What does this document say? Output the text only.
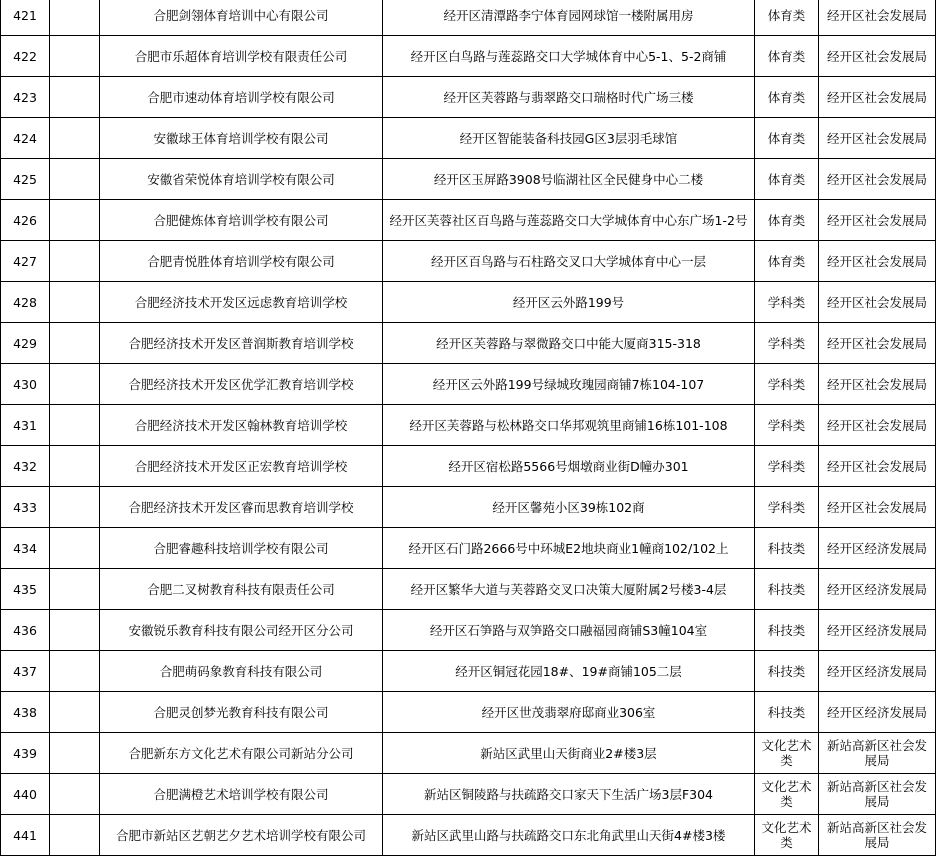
421		合肥剑翎体育培训中心有限公司	经开区清潭路李宁体育园网球馆一楼附属用房	体育类	经开区社会发展局
422		合肥市乐超体育培训学校有限责任公司	经开区白鸟路与莲蕊路交口大学城体育中心5-1、5-2商铺	体育类	经开区社会发展局
423		合肥市速动体育培训学校有限公司	经开区芙蓉路与翡翠路交口瑞格时代广场三楼	体育类	经开区社会发展局
424		安徽球王体育培训学校有限公司	经开区智能装备科技园G区3层羽毛球馆	体育类	经开区社会发展局
425		安徽省荣悦体育培训学校有限公司	经开区玉屏路3908号临湖社区全民健身中心二楼	体育类	经开区社会发展局
426		合肥健炼体育培训学校有限公司	经开区芙蓉社区百鸟路与莲蕊路交口大学城体育中心东广场1-2号	体育类	经开区社会发展局
427		合肥青悦胜体育培训学校有限公司	经开区百鸟路与石柱路交叉口大学城体育中心一层	体育类	经开区社会发展局
428		合肥经济技术开发区远虑教育培训学校	经开区云外路199号	学科类	经开区社会发展局
429		合肥经济技术开发区普润斯教育培训学校	经开区芙蓉路与翠微路交口中能大厦商315-318	学科类	经开区社会发展局
430		合肥经济技术开发区优学汇教育培训学校	经开区云外路199号绿城玫瑰园商铺7栋104-107	学科类	经开区社会发展局
431		合肥经济技术开发区翰林教育培训学校	经开区芙蓉路与松林路交口华邦观筑里商铺16栋101-108	学科类	经开区社会发展局
432		合肥经济技术开发区正宏教育培训学校	经开区宿松路5566号烟墩商业街D幢办301	学科类	经开区社会发展局
433		合肥经济技术开发区睿而思教育培训学校	经开区馨苑小区39栋102商	学科类	经开区社会发展局
434		合肥睿趣科技培训学校有限公司	经开区石门路2666号中环城E2地块商业1幢商102/102上	科技类	经开区经济发展局
435		合肥二叉树教育科技有限责任公司	经开区繁华大道与芙蓉路交叉口决策大厦附属2号楼3-4层	科技类	经开区经济发展局
436		安徽锐乐教育科技有限公司经开区分公司	经开区石笋路与双笋路交口融福园商铺S3幢104室	科技类	经开区经济发展局
437		合肥萌码象教育科技有限公司	经开区铜冠花园18#、19#商铺105二层	科技类	经开区经济发展局
438		合肥灵创梦光教育科技有限公司	经开区世茂翡翠府邸商业306室	科技类	经开区经济发展局
439		合肥新东方文化艺术有限公司新站分公司	新站区武里山天街商业2#楼3层	文化艺术类	新站高新区社会发展局
440		合肥满橙艺术培训学校有限公司	新站区铜陵路与扶疏路交口家天下生活广场3层F304	文化艺术类	新站高新区社会发展局
441		合肥市新站区艺朝艺夕艺术培训学校有限公司	新站区武里山路与扶疏路交口东北角武里山天街4#楼3楼	文化艺术类	新站高新区社会发展局
